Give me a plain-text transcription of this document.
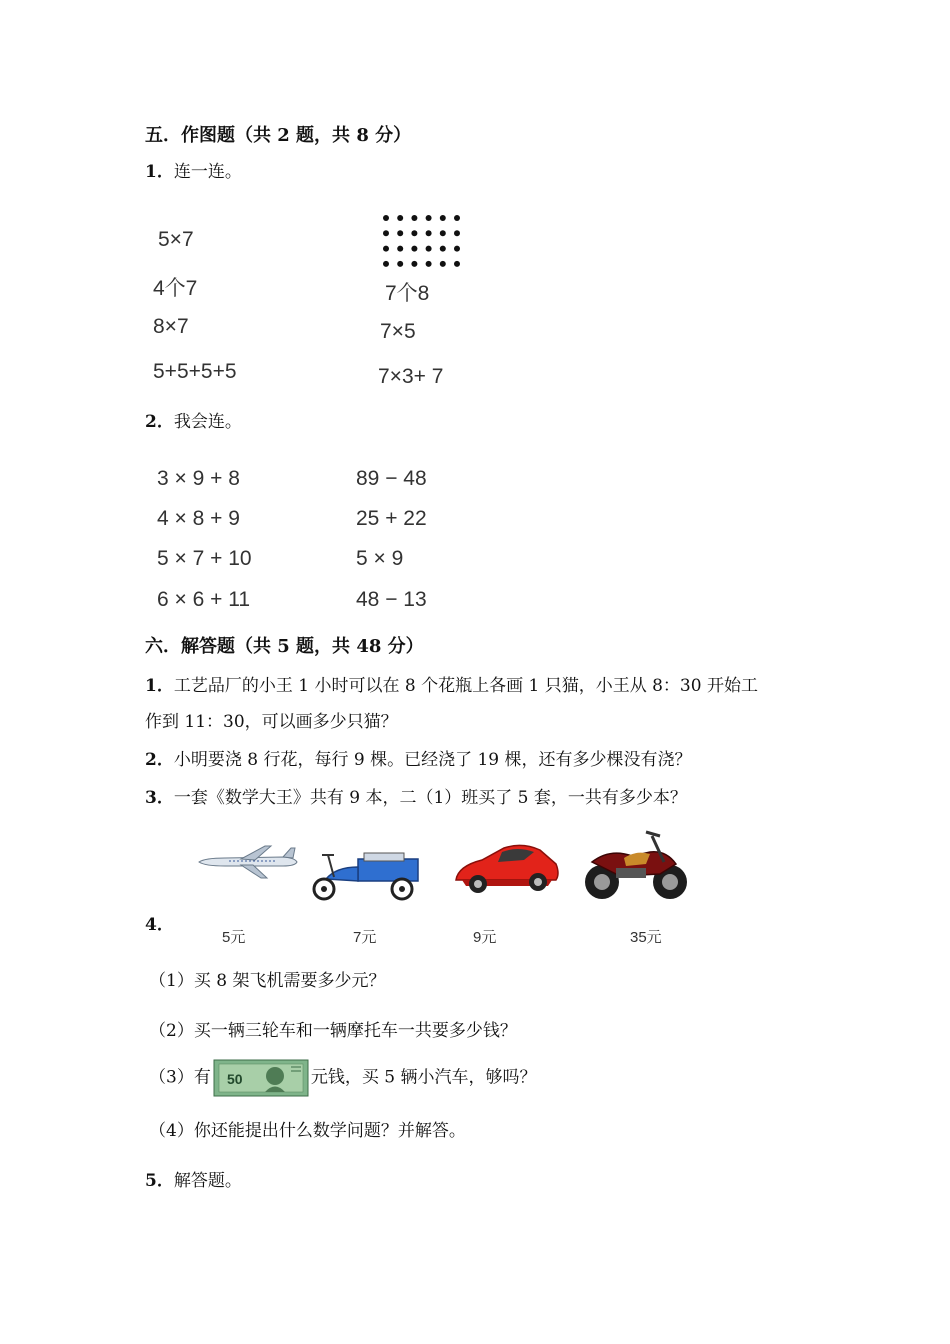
五．作图题（共 2 题，共 8 分）
1．连一连。
5×7
4个7
8×7
5+5+5+5
7个8
7×5
7×3+ 7
2．我会连。
3 × 9 + 8
4 × 8 + 9
5 × 7 + 10
6 × 6 + 11
89 − 48
25 + 22
5 × 9
48 − 13
六．解答题（共 5 题，共 48 分）
1．工艺品厂的小王 1 小时可以在 8 个花瓶上各画 1 只猫，小王从 8：30 开始工
作到 11：30，可以画多少只猫？
2．小明要浇 8 行花，每行 9 棵。已经浇了 19 棵，还有多少棵没有浇？
3．一套《数学大王》共有 9 本，二（1）班买了 5 套，一共有多少本？
4．
5元	7元	9元	35元
（1）买 8 架飞机需要多少元？
（2）买一辆三轮车和一辆摩托车一共要多少钱？
（3）有 50	元钱，买 5 辆小汽车，够吗？
（4）你还能提出什么数学问题？并解答。
5．解答题。
